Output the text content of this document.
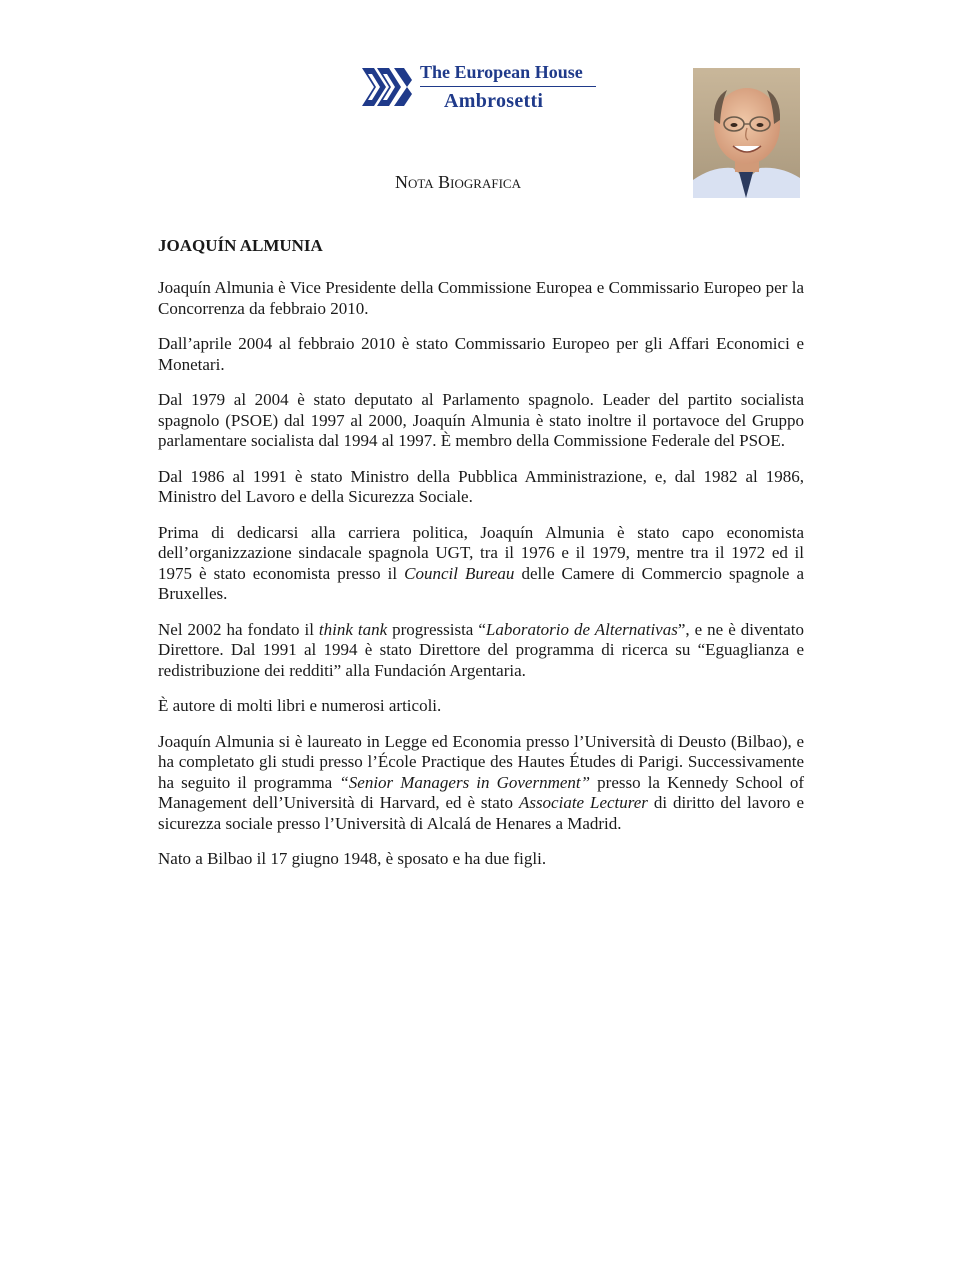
The European House
Ambrosetti
Nota Biografica
JOAQUÍN ALMUNIA

Joaquín Almunia è Vice Presidente della Commissione Europea e Commissario Europeo per la Concorrenza da febbraio 2010.

Dall’aprile 2004 al febbraio 2010 è stato Commissario Europeo per gli Affari Economici e Monetari.

Dal 1979 al 2004 è stato deputato al Parlamento spagnolo. Leader del partito socialista spagnolo (PSOE) dal 1997 al 2000, Joaquín Almunia è stato inoltre il portavoce del Gruppo parlamentare socialista dal 1994 al 1997. È membro della Commissione Federale del PSOE.

Dal 1986 al 1991 è stato Ministro della Pubblica Amministrazione, e, dal 1982 al 1986, Ministro del Lavoro e della Sicurezza Sociale.

Prima di dedicarsi alla carriera politica, Joaquín Almunia è stato capo economista dell’organizzazione sindacale spagnola UGT, tra il 1976 e il 1979, mentre tra il 1972 ed il 1975 è stato economista presso il Council Bureau delle Camere di Commercio spagnole a Bruxelles.

Nel 2002 ha fondato il think tank progressista “Laboratorio de Alternativas”, e ne è diventato Direttore. Dal 1991 al 1994 è stato Direttore del programma di ricerca su “Eguaglianza e redistribuzione dei redditi” alla Fundación Argentaria.

È autore di molti libri e numerosi articoli.

Joaquín Almunia si è laureato in Legge ed Economia presso l’Università di Deusto (Bilbao), e ha completato gli studi presso l’École Practique des Hautes Études di Parigi. Successivamente ha seguito il programma “Senior Managers in Government” presso la Kennedy School of Management dell’Università di Harvard, ed è stato Associate Lecturer di diritto del lavoro e sicurezza sociale presso l’Università di Alcalá de Henares a Madrid.

Nato a Bilbao il 17 giugno 1948, è sposato e ha due figli.
